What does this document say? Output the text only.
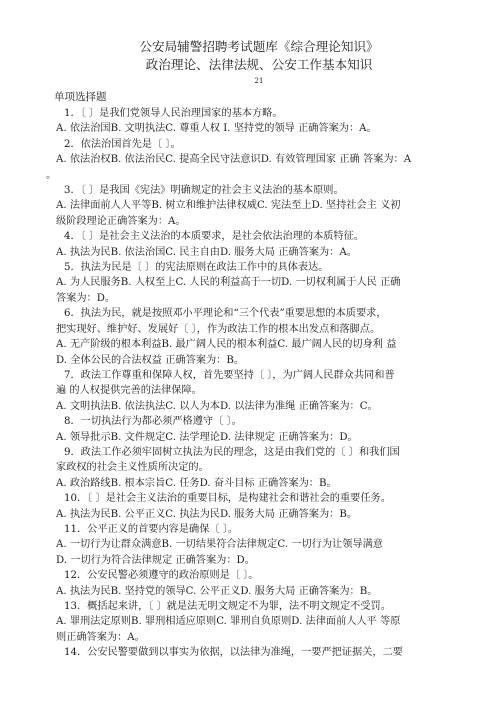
公安局辅警招聘考试题库《综合理论知识》
政治理论、法律法规、公安工作基本知识
21
单项选择题
1．〔 〕是我们党领导人民治理国家的基本方略。
A. 依法治国B. 文明执法C. 尊重人权 I. 坚持党的领导 正确答案为：A。
2．依法治国首先是〔 〕。
A. 依法治权B. 依法治民C. 提高全民守法意识D. 有效管理国家 正确 答案为：A
。
3．〔 〕是我国《宪法》明确规定的社会主义法治的基本原则。
A. 法律面前人人平等B. 树立和维护法律权威C. 宪法至上D. 坚持社会主 义初
级阶段理论正确答案为：A。
4．〔 〕是社会主义法治的本质要求，是社会依法治理的本质特征。
A. 执法为民B. 依法治国C. 民主自由D. 服务大局 正确答案为：A。
5．执法为民是〔 〕的宪法原则在政法工作中的具体表达。
A. 为人民服务B. 人权至上C. 人民的利益高于一切D. 一切权利属于人民 正确
答案为：D。
6．执法为民，就是按照邓小平理论和“三个代表”重要思想的本质要求，
把实现好、维护好、发展好〔 〕，作为政法工作的根本出发点和落脚点。
A. 无产阶级的根本利益B. 最广阔人民的根本利益C. 最广阔人民的切身利 益
D. 全体公民的合法权益 正确答案为：B。
7．政法工作尊重和保障人权，首先要坚持〔 〕，为广阔人民群众共同和普
遍 的人权提供完善的法律保障。
A. 文明执法B. 依法执法C. 以人为本D. 以法律为准绳 正确答案为：C。
8．一切执法行为都必须严格遵守〔 〕。
A. 领导批示B. 文件规定C. 法学理论D. 法律规定 正确答案为：D。
9．政法工作必须牢固树立执法为民的理念，这是由我们党的〔 〕和我们国
家政权的社会主义性质所决定的。
A. 政治路线B. 根本宗旨C. 任务D. 奋斗目标 正确答案为：B。
10．〔 〕是社会主义法治的重要目标，是构建社会和谐社会的重要任务。
A. 执法为民B. 公平正义C. 执法为民D. 服务大局 正确答案为：B。
11．公平正义的首要内容是确保〔 〕。
A. 一切行为让群众满意B. 一切结果符合法律规定C. 一切行为让领导满意
D. 一切行为符合法律规定 正确答案为：D。
12．公安民警必须遵守的政治原则是〔 〕。
A. 执法为民B. 坚持党的领导C. 公平正义D. 服务大局 正确答案为：B。
13．概括起来讲，〔 〕就是法无明文规定不为罪，法不明文规定不受罚。
A. 罪刑法定原则B. 罪刑相适应原则C. 罪刑自负原则D. 法律面前人人平 等原
则正确答案为：A。
14．公安民警要做到以事实为依据，以法律为准绳，一要严把证据关，二要
